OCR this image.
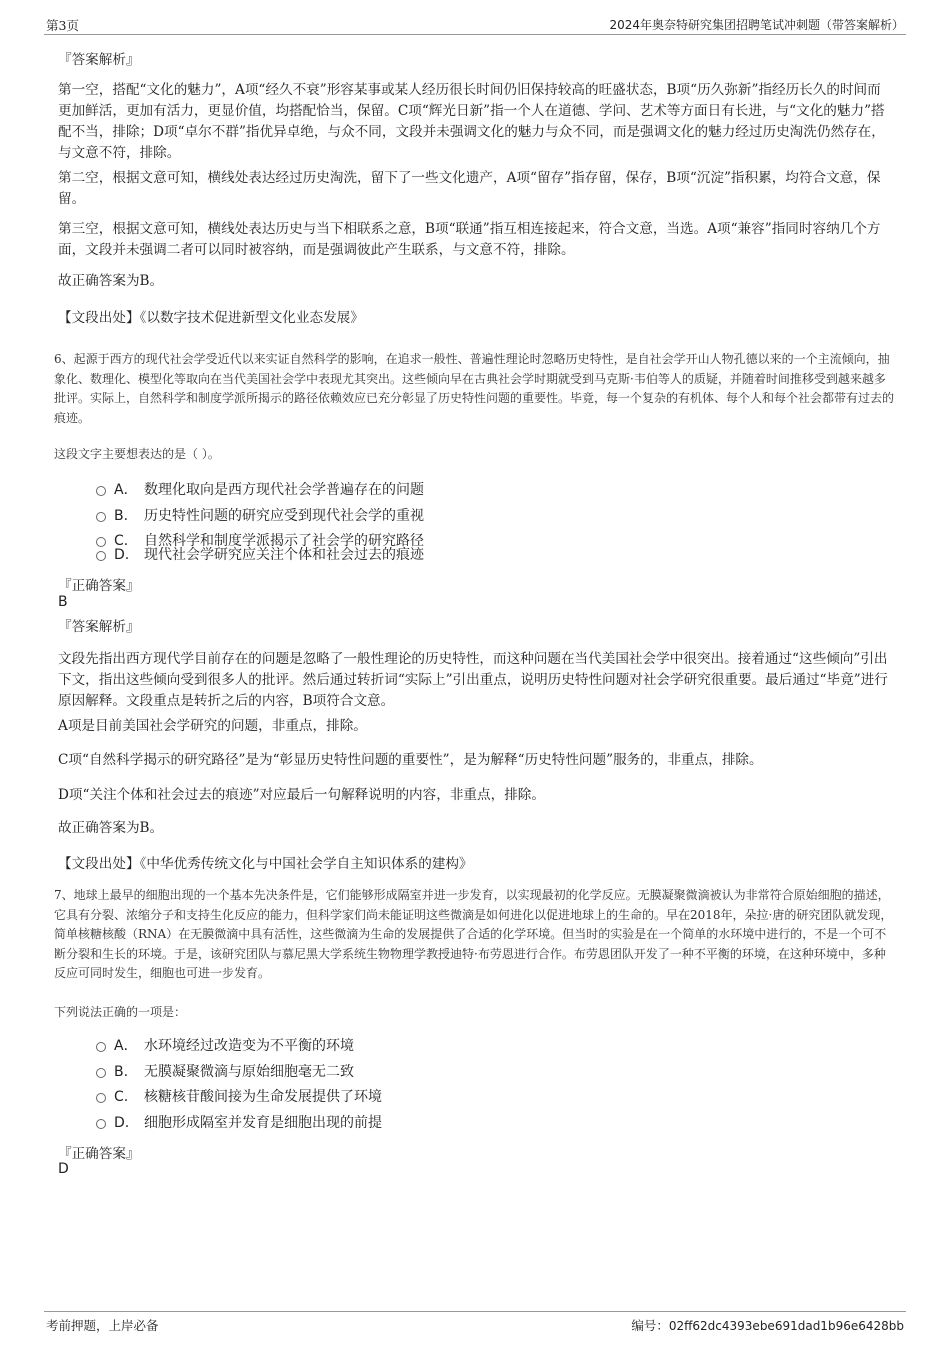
第3页	2024年奥奈特研究集团招聘笔试冲刺题（带答案解析）
『答案解析』
第一空，搭配“文化的魅力”，A项“经久不衰”形容某事或某人经历很长时间仍旧保持较高的旺盛状态，B项“历久弥新”指经历长久的时间而更加鲜活，更加有活力，更显价值，均搭配恰当，保留。C项“辉光日新”指一个人在道德、学问、艺术等方面日有长进，与“文化的魅力”搭配不当，排除；D项“卓尔不群”指优异卓绝，与众不同，文段并未强调文化的魅力与众不同，而是强调文化的魅力经过历史淘洗仍然存在，与文意不符，排除。
第二空，根据文意可知，横线处表达经过历史淘洗，留下了一些文化遗产，A项“留存”指存留，保存，B项“沉淀”指积累，均符合文意，保留。
第三空，根据文意可知，横线处表达历史与当下相联系之意，B项“联通”指互相连接起来，符合文意，当选。A项“兼容”指同时容纳几个方面，文段并未强调二者可以同时被容纳，而是强调彼此产生联系，与文意不符，排除。
故正确答案为B。
【文段出处】《以数字技术促进新型文化业态发展》
6、起源于西方的现代社会学受近代以来实证自然科学的影响，在追求一般性、普遍性理论时忽略历史特性，是自社会学开山人物孔德以来的一个主流倾向，抽象化、数理化、模型化等取向在当代美国社会学中表现尤其突出。这些倾向早在古典社会学时期就受到马克斯·韦伯等人的质疑，并随着时间推移受到越来越多批评。实际上，自然科学和制度学派所揭示的路径依赖效应已充分彰显了历史特性问题的重要性。毕竟，每一个复杂的有机体、每个人和每个社会都带有过去的痕迹。
这段文字主要想表达的是（ ）。
A． 数理化取向是西方现代社会学普遍存在的问题
B. 历史特性问题的研究应受到现代社会学的重视
C. 自然科学和制度学派揭示了社会学的研究路径
D. 现代社会学研究应关注个体和社会过去的痕迹
『正确答案』
B
『答案解析』
文段先指出西方现代学目前存在的问题是忽略了一般性理论的历史特性，而这种问题在当代美国社会学中很突出。接着通过“这些倾向”引出下文，指出这些倾向受到很多人的批评。然后通过转折词“实际上”引出重点，说明历史特性问题对社会学研究很重要。最后通过“毕竟”进行原因解释。文段重点是转折之后的内容，B项符合文意。
A项是目前美国社会学研究的问题，非重点，排除。
C项“自然科学揭示的研究路径”是为“彰显历史特性问题的重要性”，是为解释“历史特性问题”服务的，非重点，排除。
D项“关注个体和社会过去的痕迹”对应最后一句解释说明的内容，非重点，排除。
故正确答案为B。
【文段出处】《中华优秀传统文化与中国社会学自主知识体系的建构》
7、地球上最早的细胞出现的一个基本先决条件是，它们能够形成隔室并进一步发育，以实现最初的化学反应。无膜凝聚微滴被认为非常符合原始细胞的描述，它具有分裂、浓缩分子和支持生化反应的能力，但科学家们尚未能证明这些微滴是如何进化以促进地球上的生命的。早在2018年，朵拉·唐的研究团队就发现，简单核糖核酸（RNA）在无膜微滴中具有活性，这些微滴为生命的发展提供了合适的化学环境。但当时的实验是在一个简单的水环境中进行的，不是一个可不断分裂和生长的环境。于是，该研究团队与慕尼黑大学系统生物物理学教授迪特·布劳恩进行合作。布劳恩团队开发了一种不平衡的环境，在这种环境中，多种反应可同时发生，细胞也可进一步发育。
下列说法正确的一项是：
A． 水环境经过改造变为不平衡的环境
B. 无膜凝聚微滴与原始细胞毫无二致
C. 核糖核苷酸间接为生命发展提供了环境
D. 细胞形成隔室并发育是细胞出现的前提
『正确答案』
D
考前押题，上岸必备	编号：02ff62dc4393ebe691dad1b96e6428bb
